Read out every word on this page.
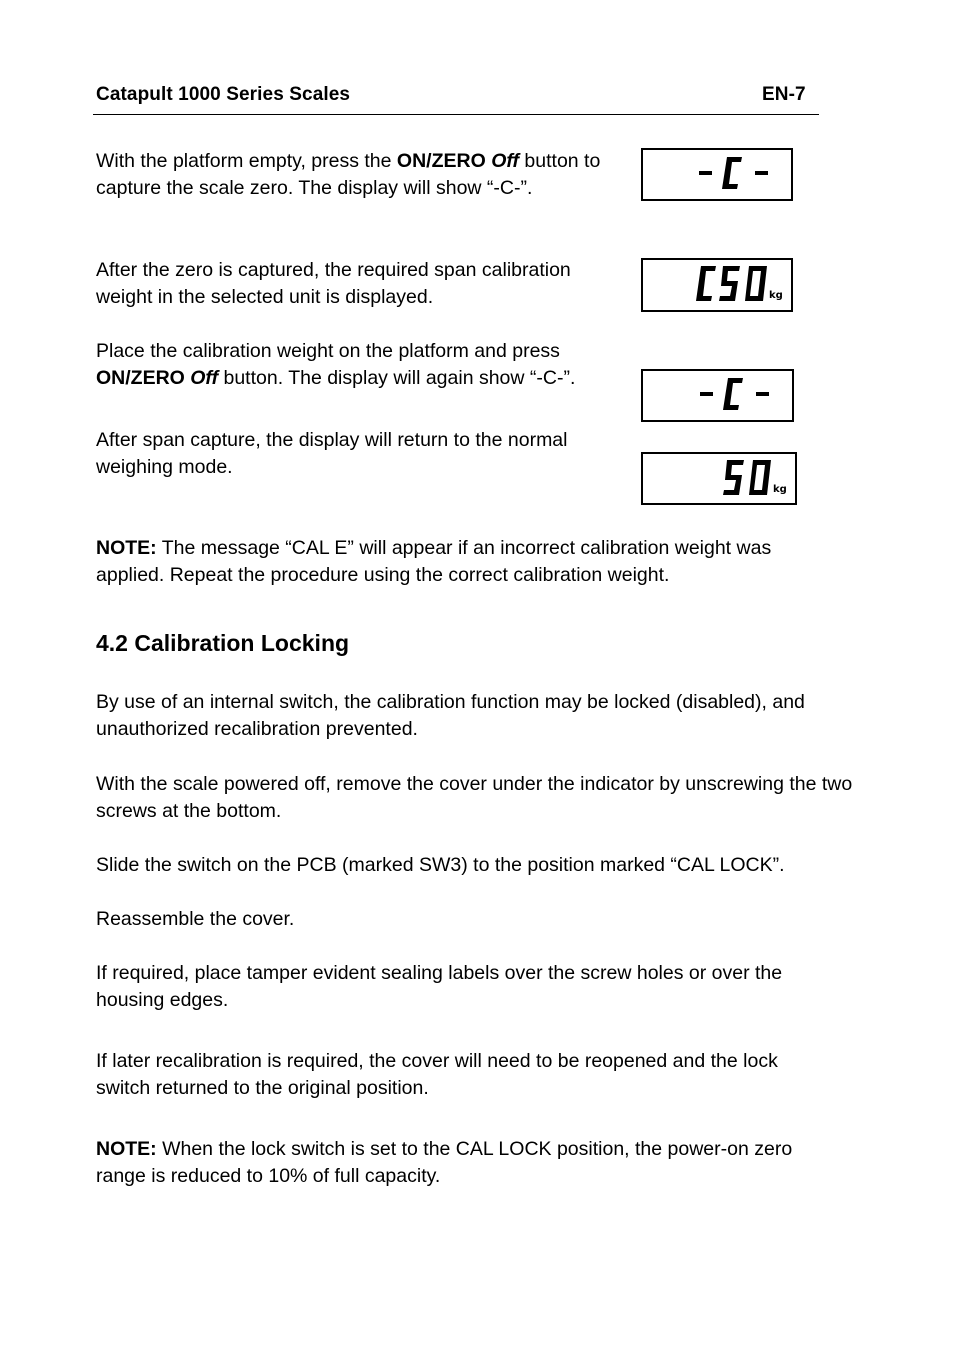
Catapult 1000 Series Scales	EN-7
With the platform empty, press the ON/ZERO Off button to capture the scale zero. The display will show “-C-”.
After the zero is captured, the required span calibration weight in the selected unit is displayed.
Place the calibration weight on the platform and press ON/ZERO Off button. The display will again show “-C-”.
After span capture, the display will return to the normal weighing mode.
kg
kg
NOTE: The message “CAL E” will appear if an incorrect calibration weight was applied. Repeat the procedure using the correct calibration weight.
4.2 Calibration Locking
By use of an internal switch, the calibration function may be locked (disabled), and unauthorized recalibration prevented.
With the scale powered off, remove the cover under the indicator by unscrewing the two screws at the bottom.
Slide the switch on the PCB (marked SW3) to the position marked “CAL LOCK”.
Reassemble the cover.
If required, place tamper evident sealing labels over the screw holes or over the housing edges.
If later recalibration is required, the cover will need to be reopened and the lock switch returned to the original position.
NOTE: When the lock switch is set to the CAL LOCK position, the power-on zero range is reduced to 10% of full capacity.
